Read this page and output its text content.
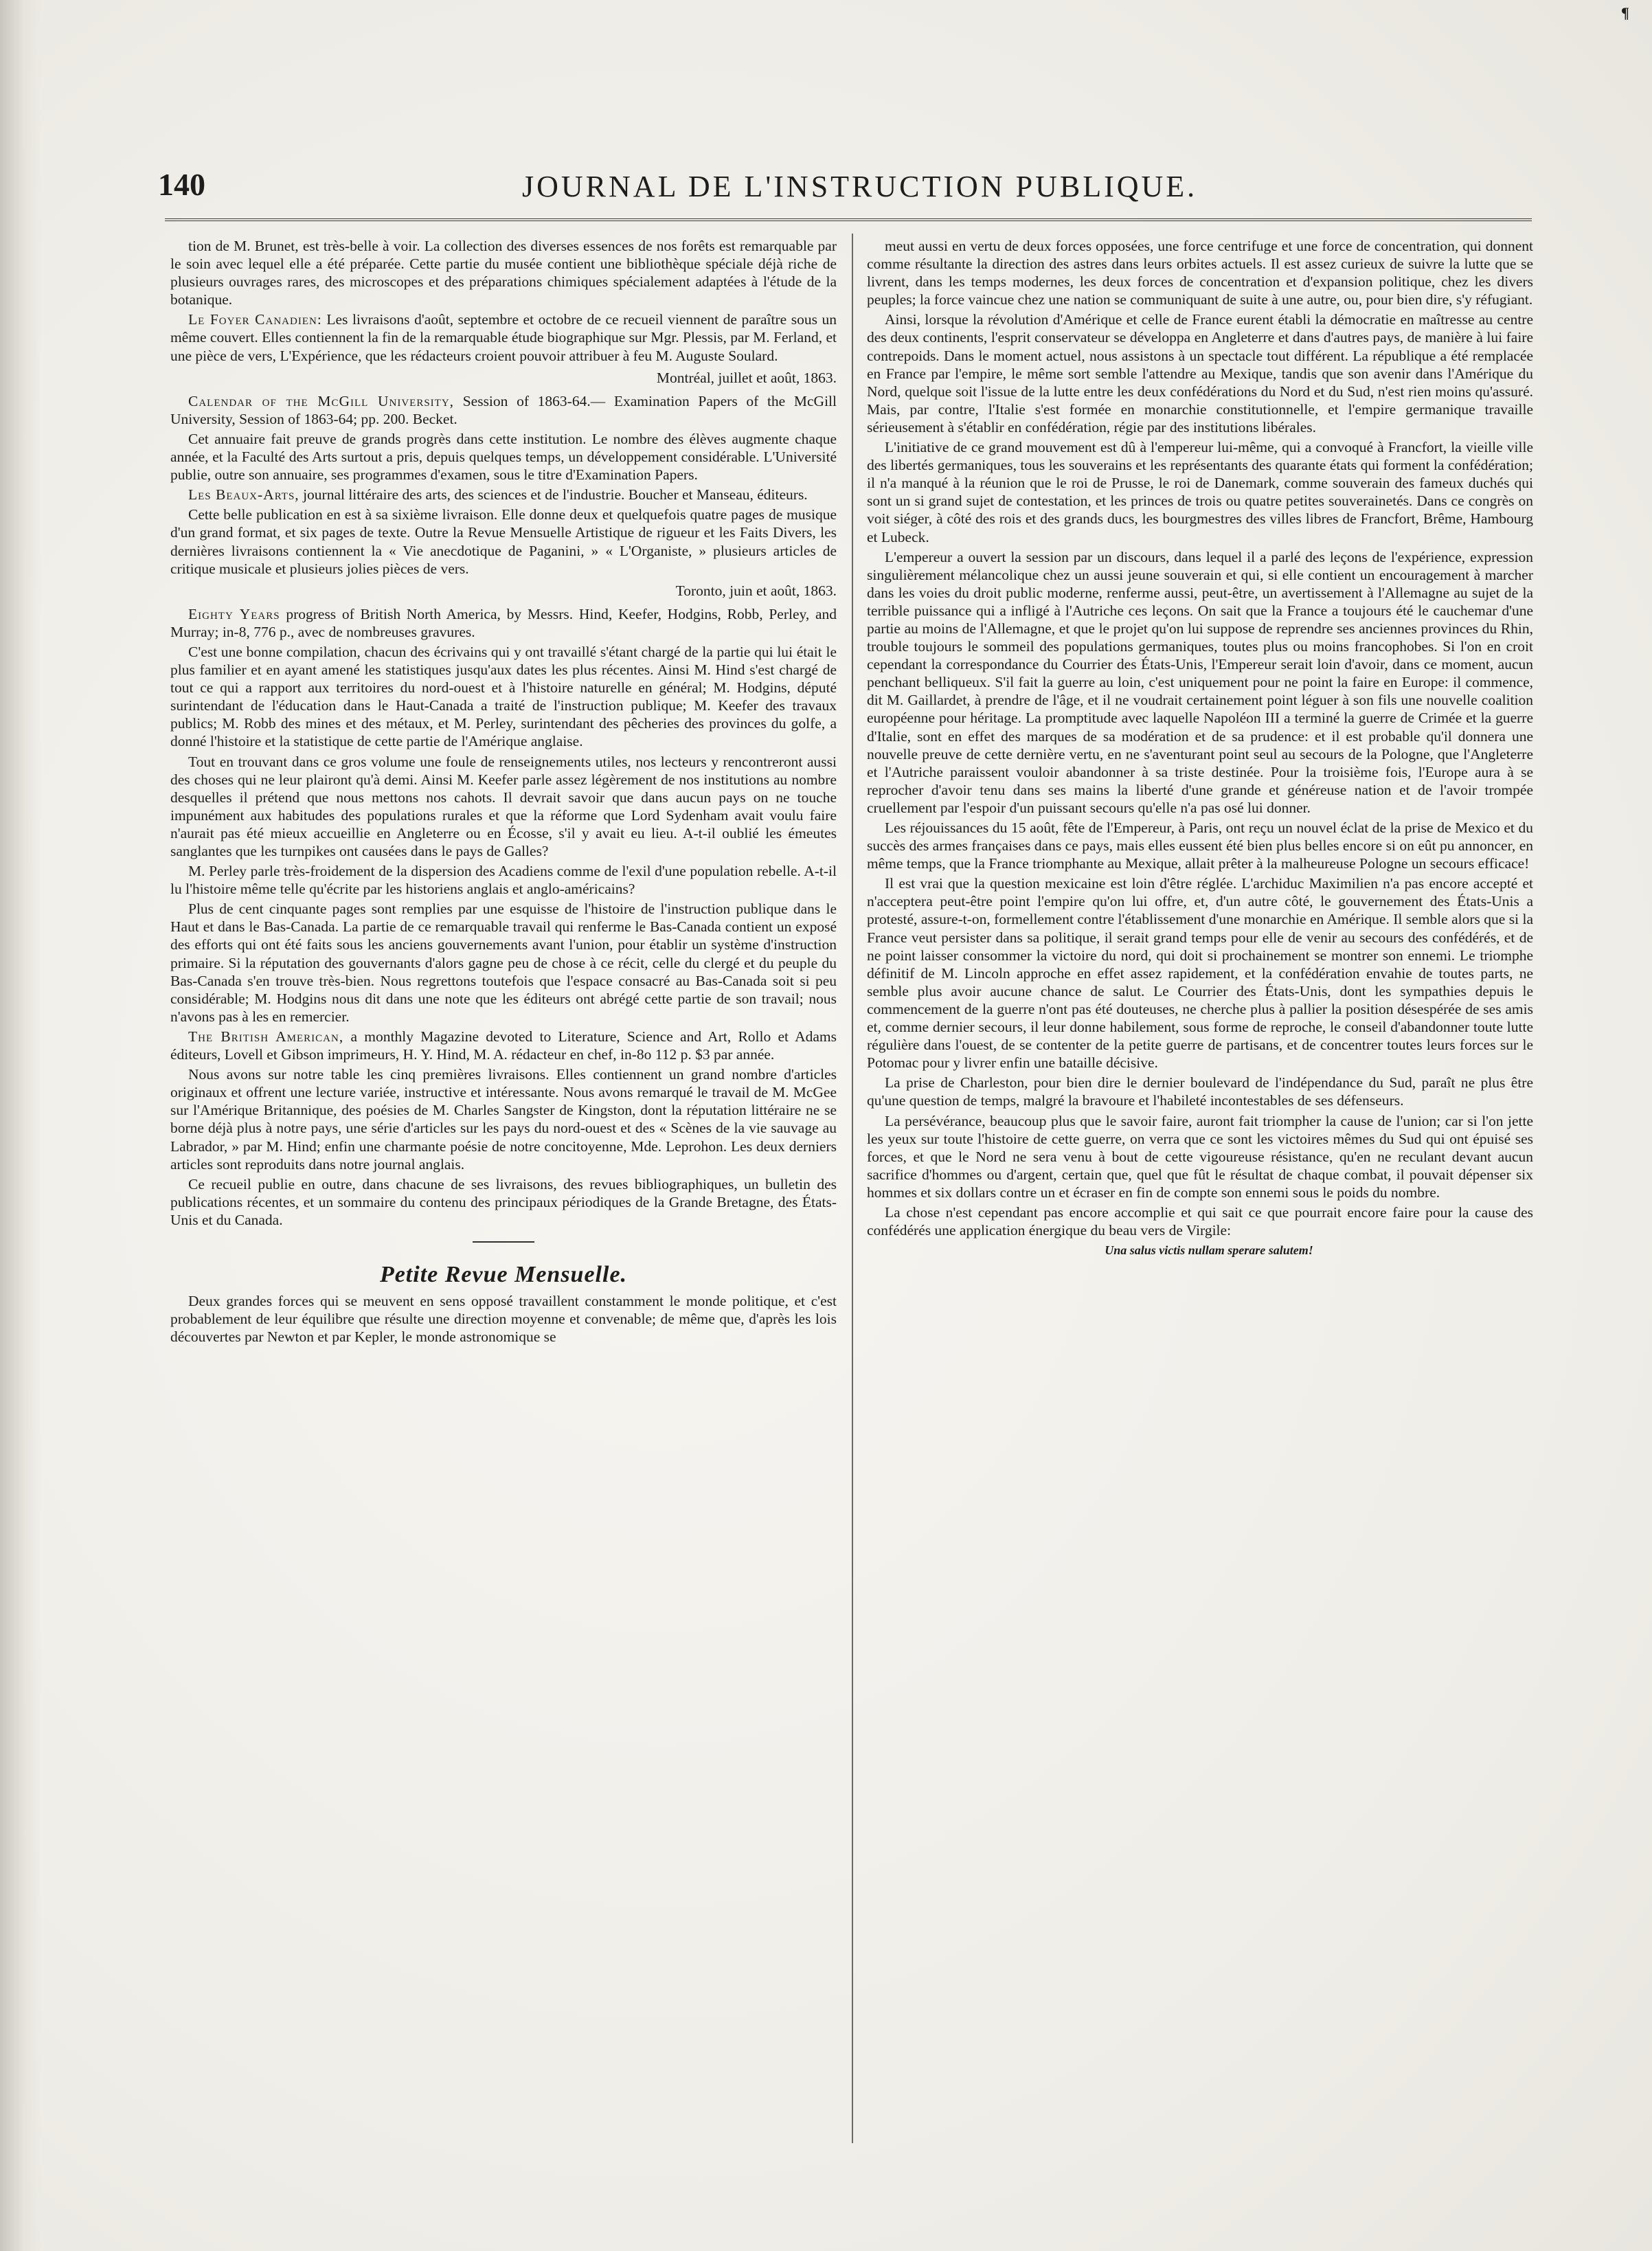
¶
140	JOURNAL DE L'INSTRUCTION PUBLIQUE.

tion de M. Brunet, est très-belle à voir. La collection des diverses essences de nos forêts est remarquable par le soin avec lequel elle a été préparée. Cette partie du musée contient une bibliothèque spéciale déjà riche de plusieurs ouvrages rares, des microscopes et des préparations chimiques spécialement adaptées à l'étude de la botanique.

Le Foyer Canadien: Les livraisons d'août, septembre et octobre de ce recueil viennent de paraître sous un même couvert. Elles contiennent la fin de la remarquable étude biographique sur Mgr. Plessis, par M. Ferland, et une pièce de vers, L'Expérience, que les rédacteurs croient pouvoir attribuer à feu M. Auguste Soulard.

Montréal, juillet et août, 1863.

Calendar of the McGill University, Session of 1863-64.— Examination Papers of the McGill University, Session of 1863-64; pp. 200. Becket.

Cet annuaire fait preuve de grands progrès dans cette institution. Le nombre des élèves augmente chaque année, et la Faculté des Arts surtout a pris, depuis quelques temps, un développement considérable. L'Université publie, outre son annuaire, ses programmes d'examen, sous le titre d'Examination Papers.

Les Beaux-Arts, journal littéraire des arts, des sciences et de l'industrie. Boucher et Manseau, éditeurs.

Cette belle publication en est à sa sixième livraison. Elle donne deux et quelquefois quatre pages de musique d'un grand format, et six pages de texte. Outre la Revue Mensuelle Artistique de rigueur et les Faits Divers, les dernières livraisons contiennent la « Vie anecdotique de Paganini, » « L'Organiste, » plusieurs articles de critique musicale et plusieurs jolies pièces de vers.

Toronto, juin et août, 1863.

Eighty Years progress of British North America, by Messrs. Hind, Keefer, Hodgins, Robb, Perley, and Murray; in-8, 776 p., avec de nombreuses gravures.

C'est une bonne compilation, chacun des écrivains qui y ont travaillé s'étant chargé de la partie qui lui était le plus familier et en ayant amené les statistiques jusqu'aux dates les plus récentes. Ainsi M. Hind s'est chargé de tout ce qui a rapport aux territoires du nord-ouest et à l'histoire naturelle en général; M. Hodgins, député surintendant de l'éducation dans le Haut-Canada a traité de l'instruction publique; M. Keefer des travaux publics; M. Robb des mines et des métaux, et M. Perley, surintendant des pêcheries des provinces du golfe, a donné l'histoire et la statistique de cette partie de l'Amérique anglaise.

Tout en trouvant dans ce gros volume une foule de renseignements utiles, nos lecteurs y rencontreront aussi des choses qui ne leur plairont qu'à demi. Ainsi M. Keefer parle assez légèrement de nos institutions au nombre desquelles il prétend que nous mettons nos cahots. Il devrait savoir que dans aucun pays on ne touche impunément aux habitudes des populations rurales et que la réforme que Lord Sydenham avait voulu faire n'aurait pas été mieux accueillie en Angleterre ou en Écosse, s'il y avait eu lieu. A-t-il oublié les émeutes sanglantes que les turnpikes ont causées dans le pays de Galles?

M. Perley parle très-froidement de la dispersion des Acadiens comme de l'exil d'une population rebelle. A-t-il lu l'histoire même telle qu'écrite par les historiens anglais et anglo-américains?

Plus de cent cinquante pages sont remplies par une esquisse de l'histoire de l'instruction publique dans le Haut et dans le Bas-Canada. La partie de ce remarquable travail qui renferme le Bas-Canada contient un exposé des efforts qui ont été faits sous les anciens gouvernements avant l'union, pour établir un système d'instruction primaire. Si la réputation des gouvernants d'alors gagne peu de chose à ce récit, celle du clergé et du peuple du Bas-Canada s'en trouve très-bien. Nous regrettons toutefois que l'espace consacré au Bas-Canada soit si peu considérable; M. Hodgins nous dit dans une note que les éditeurs ont abrégé cette partie de son travail; nous n'avons pas à les en remercier.

The British American, a monthly Magazine devoted to Literature, Science and Art, Rollo et Adams éditeurs, Lovell et Gibson imprimeurs, H. Y. Hind, M. A. rédacteur en chef, in-8o 112 p. $3 par année.

Nous avons sur notre table les cinq premières livraisons. Elles contiennent un grand nombre d'articles originaux et offrent une lecture variée, instructive et intéressante. Nous avons remarqué le travail de M. McGee sur l'Amérique Britannique, des poésies de M. Charles Sangster de Kingston, dont la réputation littéraire ne se borne déjà plus à notre pays, une série d'articles sur les pays du nord-ouest et des « Scènes de la vie sauvage au Labrador, » par M. Hind; enfin une charmante poésie de notre concitoyenne, Mde. Leprohon. Les deux derniers articles sont reproduits dans notre journal anglais.

Ce recueil publie en outre, dans chacune de ses livraisons, des revues bibliographiques, un bulletin des publications récentes, et un sommaire du contenu des principaux périodiques de la Grande Bretagne, des États-Unis et du Canada.

Petite Revue Mensuelle.

Deux grandes forces qui se meuvent en sens opposé travaillent constamment le monde politique, et c'est probablement de leur équilibre que résulte une direction moyenne et convenable; de même que, d'après les lois découvertes par Newton et par Kepler, le monde astronomique se

meut aussi en vertu de deux forces opposées, une force centrifuge et une force de concentration, qui donnent comme résultante la direction des astres dans leurs orbites actuels. Il est assez curieux de suivre la lutte que se livrent, dans les temps modernes, les deux forces de concentration et d'expansion politique, chez les divers peuples; la force vaincue chez une nation se communiquant de suite à une autre, ou, pour bien dire, s'y réfugiant.

Ainsi, lorsque la révolution d'Amérique et celle de France eurent établi la démocratie en maîtresse au centre des deux continents, l'esprit conservateur se développa en Angleterre et dans d'autres pays, de manière à lui faire contrepoids. Dans le moment actuel, nous assistons à un spectacle tout différent. La république a été remplacée en France par l'empire, le même sort semble l'attendre au Mexique, tandis que son avenir dans l'Amérique du Nord, quelque soit l'issue de la lutte entre les deux confédérations du Nord et du Sud, n'est rien moins qu'assuré. Mais, par contre, l'Italie s'est formée en monarchie constitutionnelle, et l'empire germanique travaille sérieusement à s'établir en confédération, régie par des institutions libérales.

L'initiative de ce grand mouvement est dû à l'empereur lui-même, qui a convoqué à Francfort, la vieille ville des libertés germaniques, tous les souverains et les représentants des quarante états qui forment la confédération; il n'a manqué à la réunion que le roi de Prusse, le roi de Danemark, comme souverain des fameux duchés qui sont un si grand sujet de contestation, et les princes de trois ou quatre petites souverainetés. Dans ce congrès on voit siéger, à côté des rois et des grands ducs, les bourgmestres des villes libres de Francfort, Brême, Hambourg et Lubeck.

L'empereur a ouvert la session par un discours, dans lequel il a parlé des leçons de l'expérience, expression singulièrement mélancolique chez un aussi jeune souverain et qui, si elle contient un encouragement à marcher dans les voies du droit public moderne, renferme aussi, peut-être, un avertissement à l'Allemagne au sujet de la terrible puissance qui a infligé à l'Autriche ces leçons. On sait que la France a toujours été le cauchemar d'une partie au moins de l'Allemagne, et que le projet qu'on lui suppose de reprendre ses anciennes provinces du Rhin, trouble toujours le sommeil des populations germaniques, toutes plus ou moins francophobes. Si l'on en croit cependant la correspondance du Courrier des États-Unis, l'Empereur serait loin d'avoir, dans ce moment, aucun penchant belliqueux. S'il fait la guerre au loin, c'est uniquement pour ne point la faire en Europe: il commence, dit M. Gaillardet, à prendre de l'âge, et il ne voudrait certainement point léguer à son fils une nouvelle coalition européenne pour héritage. La promptitude avec laquelle Napoléon III a terminé la guerre de Crimée et la guerre d'Italie, sont en effet des marques de sa modération et de sa prudence: et il est probable qu'il donnera une nouvelle preuve de cette dernière vertu, en ne s'aventurant point seul au secours de la Pologne, que l'Angleterre et l'Autriche paraissent vouloir abandonner à sa triste destinée. Pour la troisième fois, l'Europe aura à se reprocher d'avoir tenu dans ses mains la liberté d'une grande et généreuse nation et de l'avoir trompée cruellement par l'espoir d'un puissant secours qu'elle n'a pas osé lui donner.

Les réjouissances du 15 août, fête de l'Empereur, à Paris, ont reçu un nouvel éclat de la prise de Mexico et du succès des armes françaises dans ce pays, mais elles eussent été bien plus belles encore si on eût pu annoncer, en même temps, que la France triomphante au Mexique, allait prêter à la malheureuse Pologne un secours efficace!

Il est vrai que la question mexicaine est loin d'être réglée. L'archiduc Maximilien n'a pas encore accepté et n'acceptera peut-être point l'empire qu'on lui offre, et, d'un autre côté, le gouvernement des États-Unis a protesté, assure-t-on, formellement contre l'établissement d'une monarchie en Amérique. Il semble alors que si la France veut persister dans sa politique, il serait grand temps pour elle de venir au secours des confédérés, et de ne point laisser consommer la victoire du nord, qui doit si prochainement se montrer son ennemi. Le triomphe définitif de M. Lincoln approche en effet assez rapidement, et la confédération envahie de toutes parts, ne semble plus avoir aucune chance de salut. Le Courrier des États-Unis, dont les sympathies depuis le commencement de la guerre n'ont pas été douteuses, ne cherche plus à pallier la position désespérée de ses amis et, comme dernier secours, il leur donne habilement, sous forme de reproche, le conseil d'abandonner toute lutte régulière dans l'ouest, de se contenter de la petite guerre de partisans, et de concentrer toutes leurs forces sur le Potomac pour y livrer enfin une bataille décisive.

La prise de Charleston, pour bien dire le dernier boulevard de l'indépendance du Sud, paraît ne plus être qu'une question de temps, malgré la bravoure et l'habileté incontestables de ses défenseurs.

La persévérance, beaucoup plus que le savoir faire, auront fait triompher la cause de l'union; car si l'on jette les yeux sur toute l'histoire de cette guerre, on verra que ce sont les victoires mêmes du Sud qui ont épuisé ses forces, et que le Nord ne sera venu à bout de cette vigoureuse résistance, qu'en ne reculant devant aucun sacrifice d'hommes ou d'argent, certain que, quel que fût le résultat de chaque combat, il pouvait dépenser six hommes et six dollars contre un et écraser en fin de compte son ennemi sous le poids du nombre.

La chose n'est cependant pas encore accomplie et qui sait ce que pourrait encore faire pour la cause des confédérés une application énergique du beau vers de Virgile:

Una salus victis nullam sperare salutem!
